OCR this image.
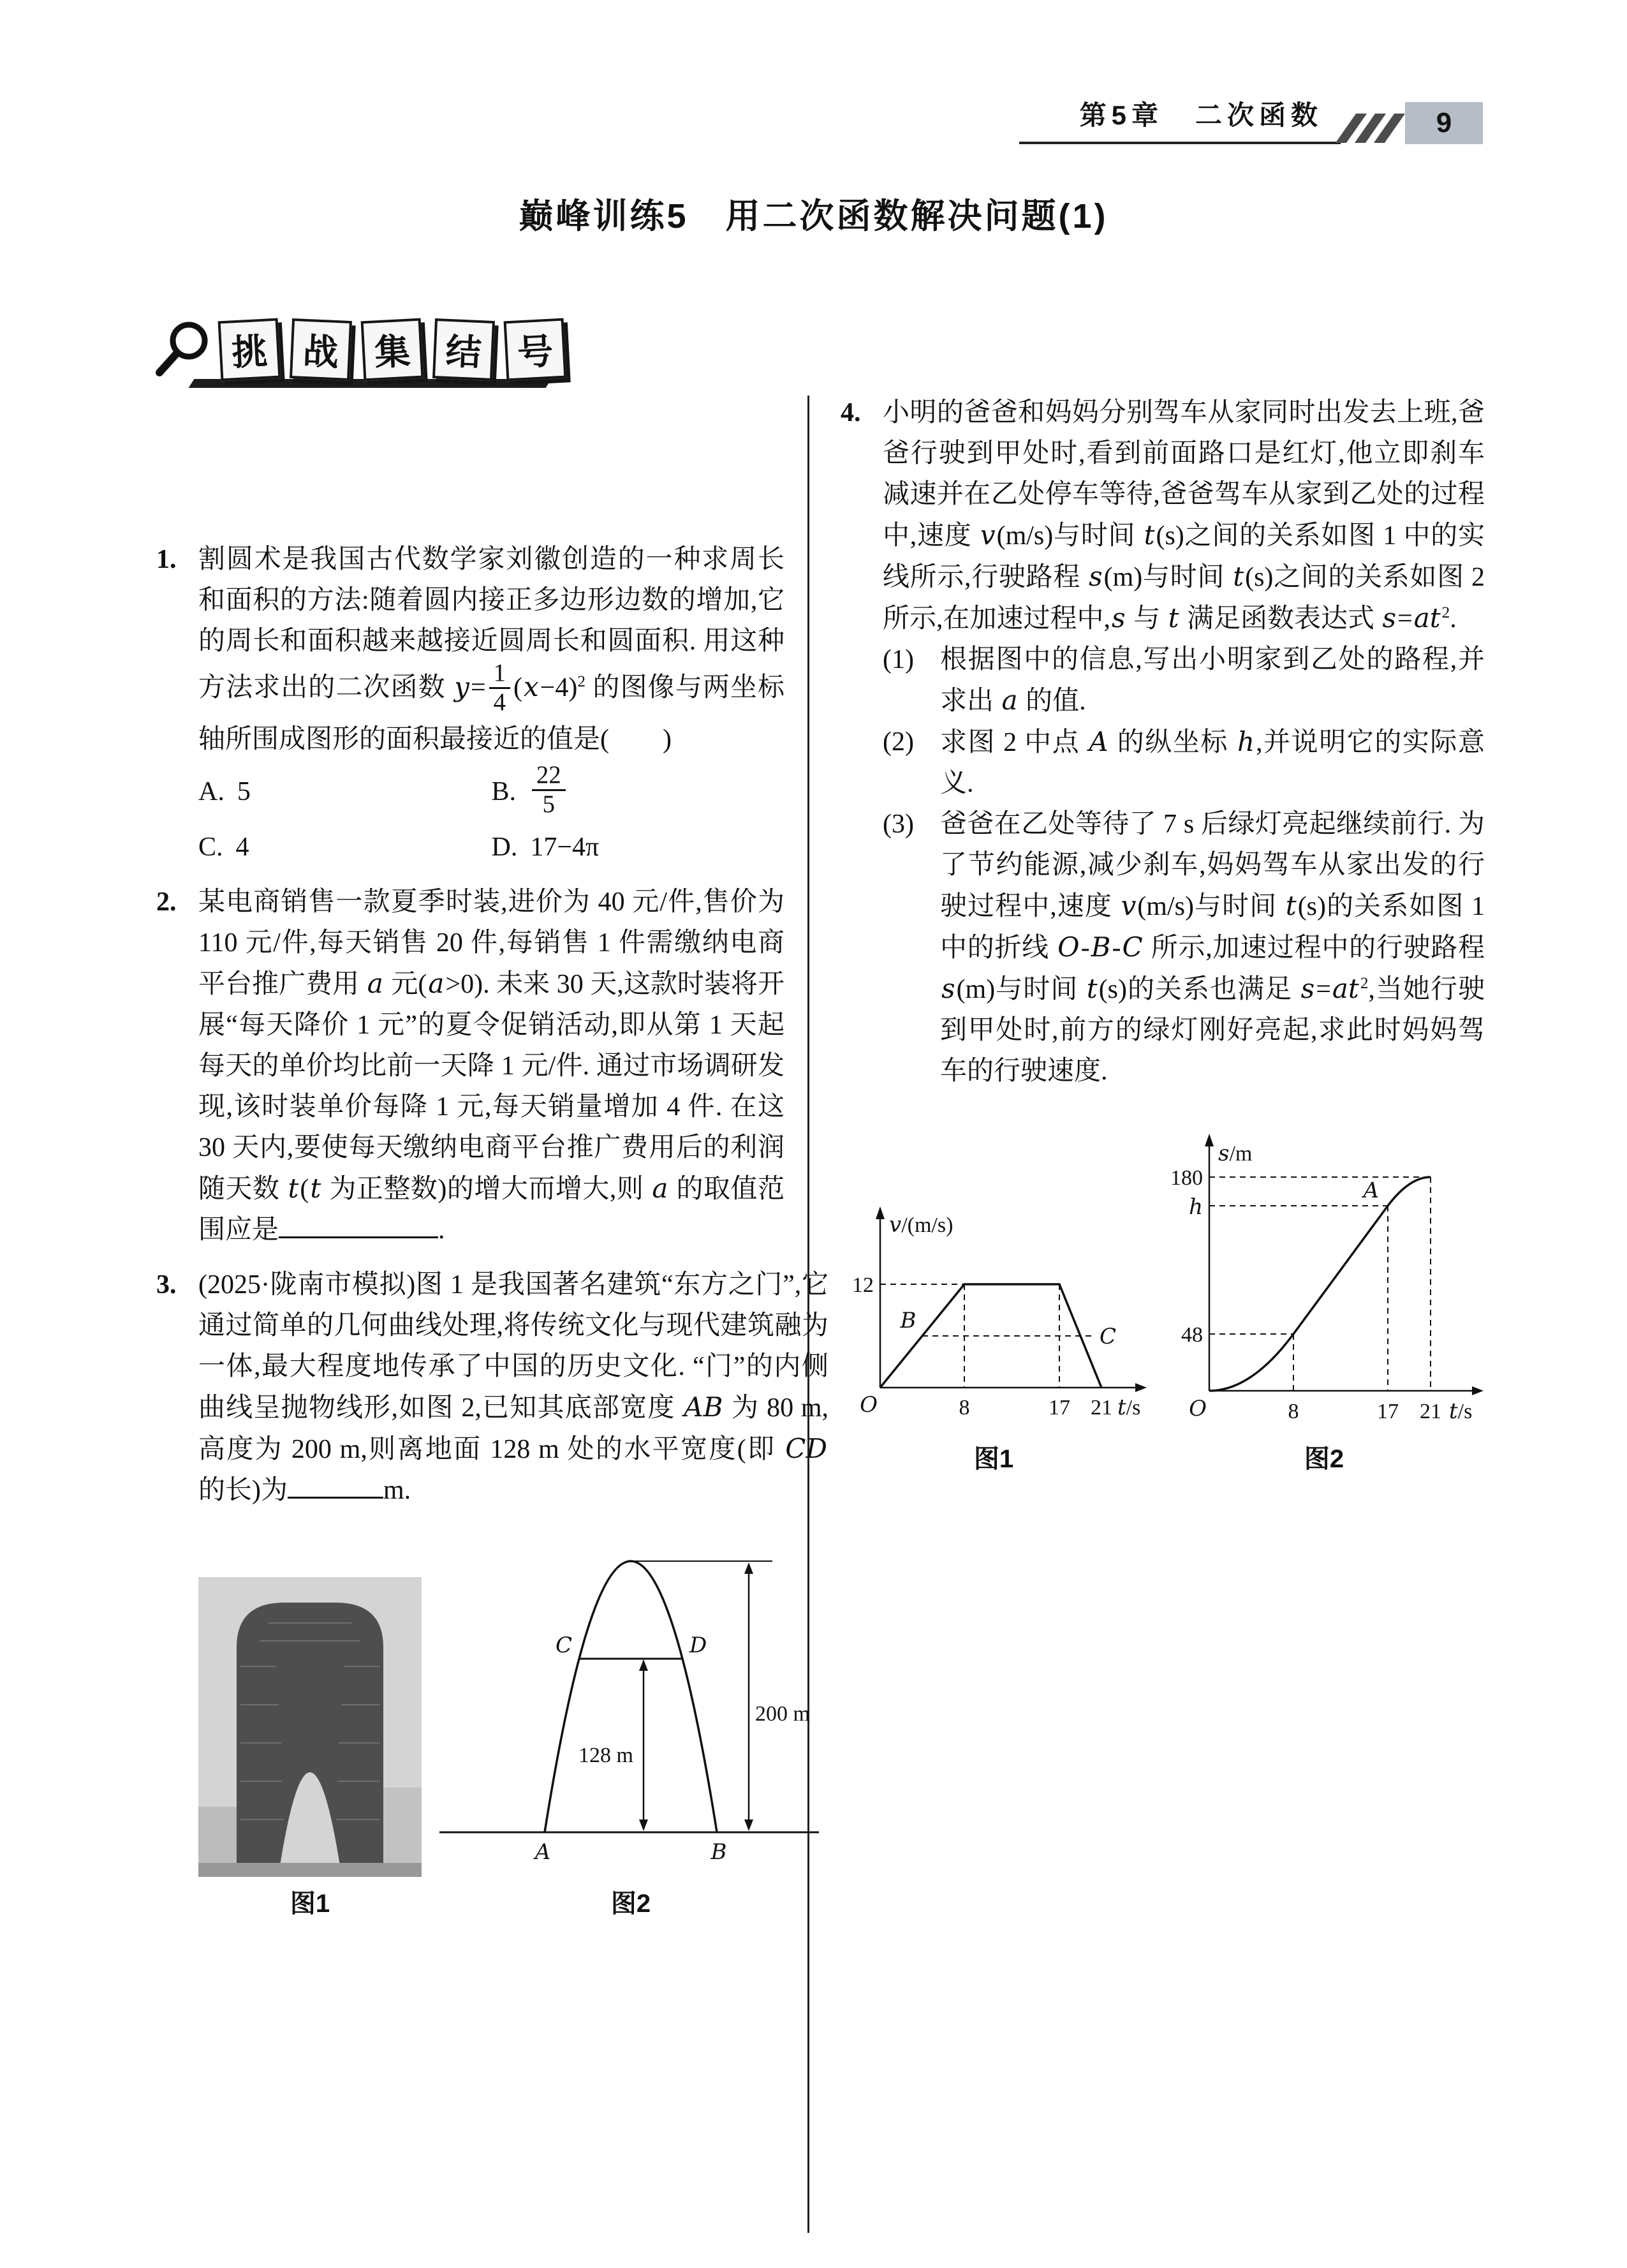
第5章　二次函数	9
巅峰训练5　用二次函数解决问题(1)
挑 战 集 结 号
1. 割圆术是我国古代数学家刘徽创造的一种求周长和面积的方法:随着圆内接正多边形边数的增加,它的周长和面积越来越接近圆周长和圆面积. 用这种方法求出的二次函数 $y= \frac{1}{4} (x-4)^2$ 的图像与两坐标轴所围成图形的面积最接近的值是(　　)
A. 5	B. $\frac{22}{5}$
C. 4	D. 17−4π
2. 某电商销售一款夏季时装,进价为 40 元/件,售价为 110 元/件,每天销售 20 件,每销售 1 件需缴纳电商平台推广费用 a 元(a>0). 未来 30 天,这款时装将开展“每天降价 1 元”的夏令促销活动,即从第 1 天起每天的单价均比前一天降 1 元/件. 通过市场调研发现,该时装单价每降 1 元,每天销量增加 4 件. 在这 30 天内,要使每天缴纳电商平台推广费用后的利润随天数 t(t 为正整数)的增大而增大,则 a 的取值范围应是	.
3. (2025·陇南市模拟)图 1 是我国著名建筑“东方之门”,它通过简单的几何曲线处理,将传统文化与现代建筑融为一体,最大程度地传承了中国的历史文化. “门”的内侧曲线呈抛物线形,如图 2,已知其底部宽度 AB 为 80 m,高度为 200 m,则离地面 128 m 处的水平宽度(即 CD 的长)为	m.
图1
200 m
128 m
C	D
A	B
图2
4. 小明的爸爸和妈妈分别驾车从家同时出发去上班,爸爸行驶到甲处时,看到前面路口是红灯,他立即刹车减速并在乙处停车等待,爸爸驾车从家到乙处的过程中,速度 v(m/s)与时间 t(s)之间的关系如图 1 中的实线所示,行驶路程 s(m)与时间 t(s)之间的关系如图 2 所示,在加速过程中,s 与 t 满足函数表达式 $s=at^2$.
(1) 根据图中的信息,写出小明家到乙处的路程,并求出 a 的值.
(2) 求图 2 中点 A 的纵坐标 h,并说明它的实际意义.
(3) 爸爸在乙处等待了 7 s 后绿灯亮起继续前行. 为了节约能源,减少刹车,妈妈驾车从家出发的行驶过程中,速度 v(m/s)与时间 t(s)的关系如图 1 中的折线 O-B-C 所示,加速过程中的行驶路程 s(m)与时间 t(s)的关系也满足 $s=at^2$,当她行驶到甲处时,前方的绿灯刚好亮起,求此时妈妈驾车的行驶速度.
v/(m/s)
t/s
12
O	8	17 21
B
C
图1
s/m
t/s
180
h
48
O	8	17 21
A
图2
